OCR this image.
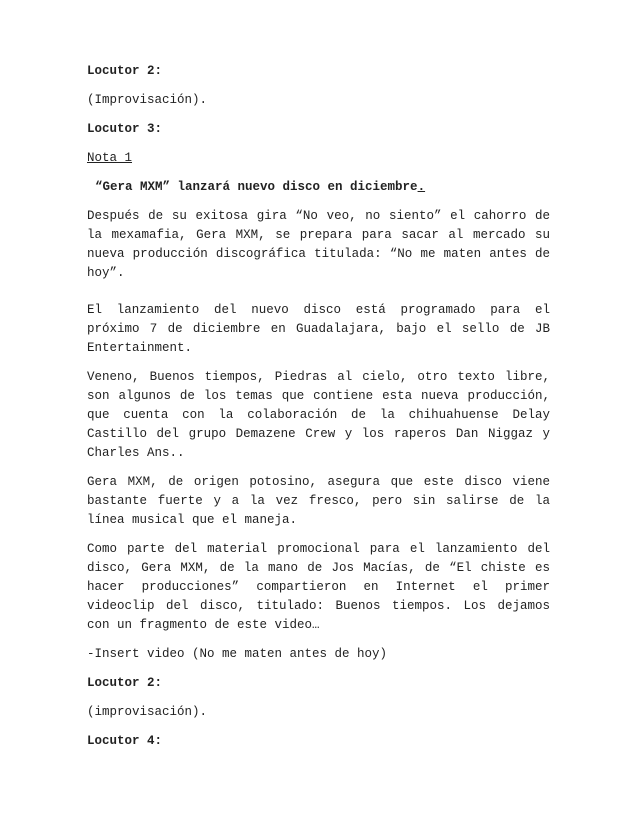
Locutor 2:
(Improvisación).
Locutor 3:
Nota 1
“Gera MXM” lanzará nuevo disco en diciembre.
Después de su exitosa gira “No veo, no siento” el cahorro de la mexamafia, Gera MXM, se prepara para sacar al mercado su nueva producción discográfica titulada: “No me maten antes de hoy”.
El lanzamiento del nuevo disco está programado para el próximo 7 de diciembre en Guadalajara, bajo el sello de JB Entertainment.
Veneno, Buenos tiempos, Piedras al cielo, otro texto libre, son algunos de los temas que contiene esta nueva producción, que cuenta con la colaboración de la chihuahuense Delay Castillo del grupo Demazene Crew y los raperos Dan Niggaz y Charles Ans..
Gera MXM, de origen potosino, asegura que este disco viene bastante fuerte y a la vez fresco, pero sin salirse de la línea musical que el maneja.
Como parte del material promocional para el lanzamiento del disco, Gera MXM, de la mano de Jos Macías, de “El chiste es hacer producciones” compartieron en Internet el primer videoclip del disco, titulado: Buenos tiempos. Los dejamos con un fragmento de este video…
-Insert video (No me maten antes de hoy)
Locutor 2:
(improvisación).
Locutor 4:
